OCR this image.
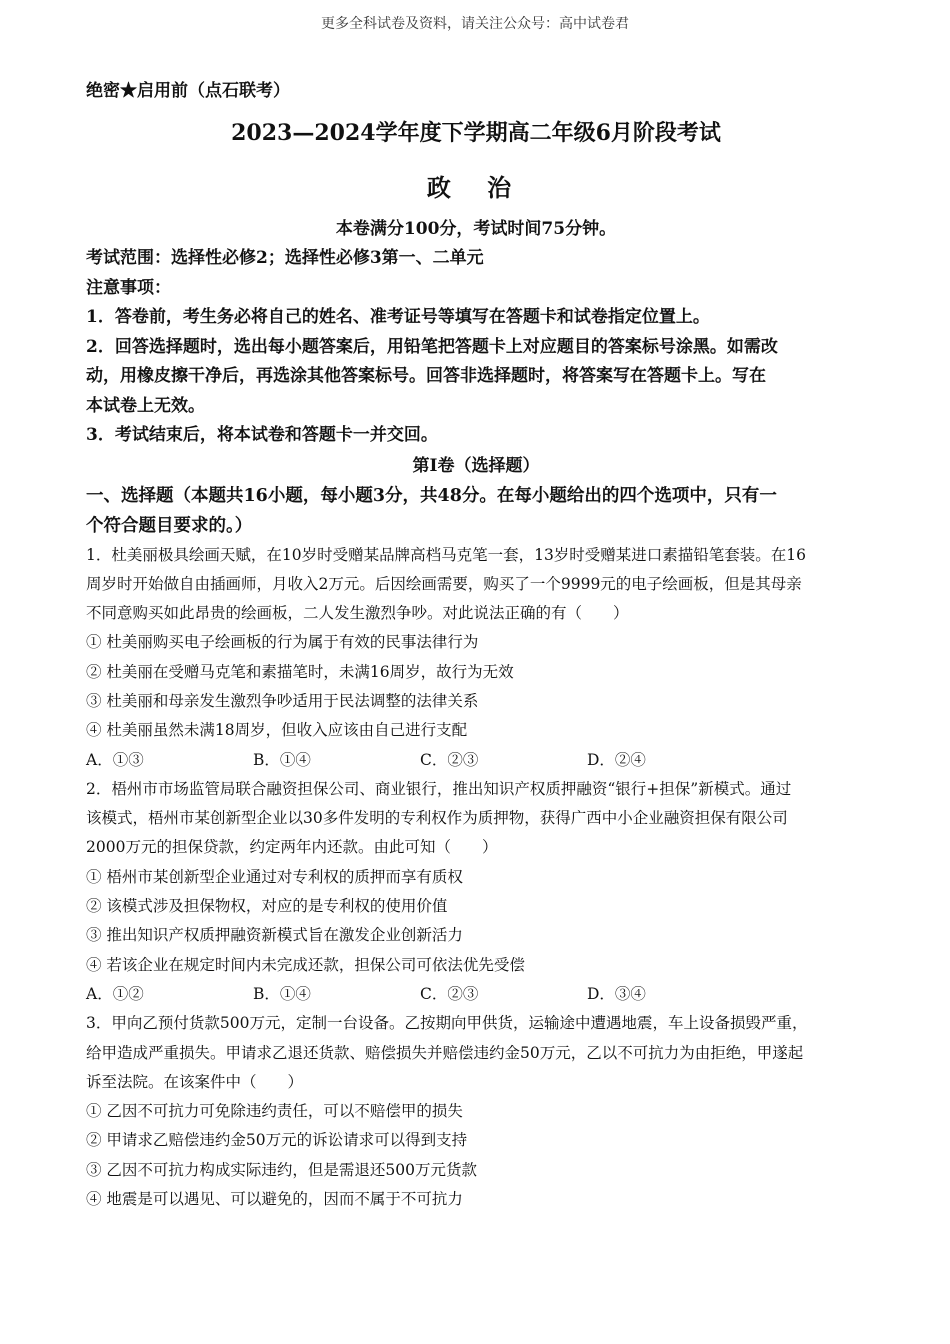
更多全科试卷及资料，请关注公众号：高中试卷君
绝密★启用前（点石联考）
2023—2024学年度下学期高二年级6月阶段考试
政 治
本卷满分100分，考试时间75分钟。
考试范围：选择性必修2；选择性必修3第一、二单元
注意事项：
1．答卷前，考生务必将自己的姓名、准考证号等填写在答题卡和试卷指定位置上。
2．回答选择题时，选出每小题答案后，用铅笔把答题卡上对应题目的答案标号涂黑。如需改
动，用橡皮擦干净后，再选涂其他答案标号。回答非选择题时，将答案写在答题卡上。写在
本试卷上无效。
3．考试结束后，将本试卷和答题卡一并交回。
第Ⅰ卷（选择题）
一、选择题（本题共16小题，每小题3分，共48分。在每小题给出的四个选项中，只有一
个符合题目要求的。）
1．杜美丽极具绘画天赋，在10岁时受赠某品牌高档马克笔一套，13岁时受赠某进口素描铅笔套装。在16
周岁时开始做自由插画师，月收入2万元。后因绘画需要，购买了一个9999元的电子绘画板，但是其母亲
不同意购买如此昂贵的绘画板，二人发生激烈争吵。对此说法正确的有（　　）
① 杜美丽购买电子绘画板的行为属于有效的民事法律行为
② 杜美丽在受赠马克笔和素描笔时，未满16周岁，故行为无效
③ 杜美丽和母亲发生激烈争吵适用于民法调整的法律关系
④ 杜美丽虽然未满18周岁，但收入应该由自己进行支配
A．①③	B．①④	C．②③	D．②④
2．梧州市市场监管局联合融资担保公司、商业银行，推出知识产权质押融资“银行+担保”新模式。通过
该模式，梧州市某创新型企业以30多件发明的专利权作为质押物，获得广西中小企业融资担保有限公司
2000万元的担保贷款，约定两年内还款。由此可知（　　）
① 梧州市某创新型企业通过对专利权的质押而享有质权
② 该模式涉及担保物权，对应的是专利权的使用价值
③ 推出知识产权质押融资新模式旨在激发企业创新活力
④ 若该企业在规定时间内未完成还款，担保公司可依法优先受偿
A．①②	B．①④	C．②③	D．③④
3．甲向乙预付货款500万元，定制一台设备。乙按期向甲供货，运输途中遭遇地震，车上设备损毁严重，
给甲造成严重损失。甲请求乙退还货款、赔偿损失并赔偿违约金50万元，乙以不可抗力为由拒绝，甲遂起
诉至法院。在该案件中（　　）
① 乙因不可抗力可免除违约责任，可以不赔偿甲的损失
② 甲请求乙赔偿违约金50万元的诉讼请求可以得到支持
③ 乙因不可抗力构成实际违约，但是需退还500万元货款
④ 地震是可以遇见、可以避免的，因而不属于不可抗力
